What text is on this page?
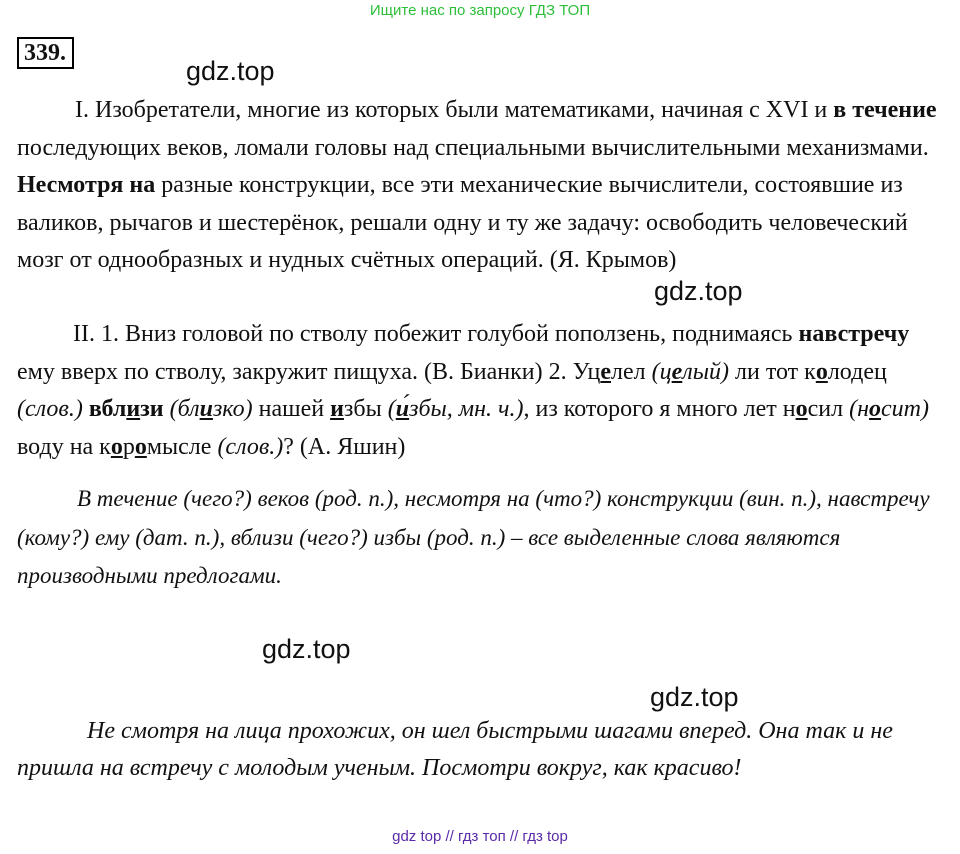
Ищите нас по запросу ГДЗ ТОП
339.
gdz.top
gdz.top
gdz.top
gdz.top
I. Изобретатели, многие из которых были математиками, начиная с XVI и в течение последующих веков, ломали головы над специальными вычислительными механизмами. Несмотря на разные конструкции, все эти механические вычислители, состоявшие из валиков, рычагов и шестерёнок, решали одну и ту же задачу: освободить человеческий мозг от однообразных и нудных счётных операций. (Я. Крымов)
II. 1. Вниз головой по стволу побежит голубой поползень, поднимаясь навстречу ему вверх по стволу, закружит пищуха. (В. Бианки) 2. Уцелел (целый) ли тот колодец (слов.) вблизи (близко) нашей избы (и́збы, мн. ч.), из которого я много лет носил (носит) воду на коромысле (слов.)? (А. Яшин)
В течение (чего?) веков (род. п.), несмотря на (что?) конструкции (вин. п.), навстречу (кому?) ему (дат. п.), вблизи (чего?) избы (род. п.) – все выделенные слова являются производными предлогами.
Не смотря на лица прохожих, он шел быстрыми шагами вперед. Она так и не пришла на встречу с молодым ученым. Посмотри вокруг, как красиво!
gdz top // гдз топ // гдз top
